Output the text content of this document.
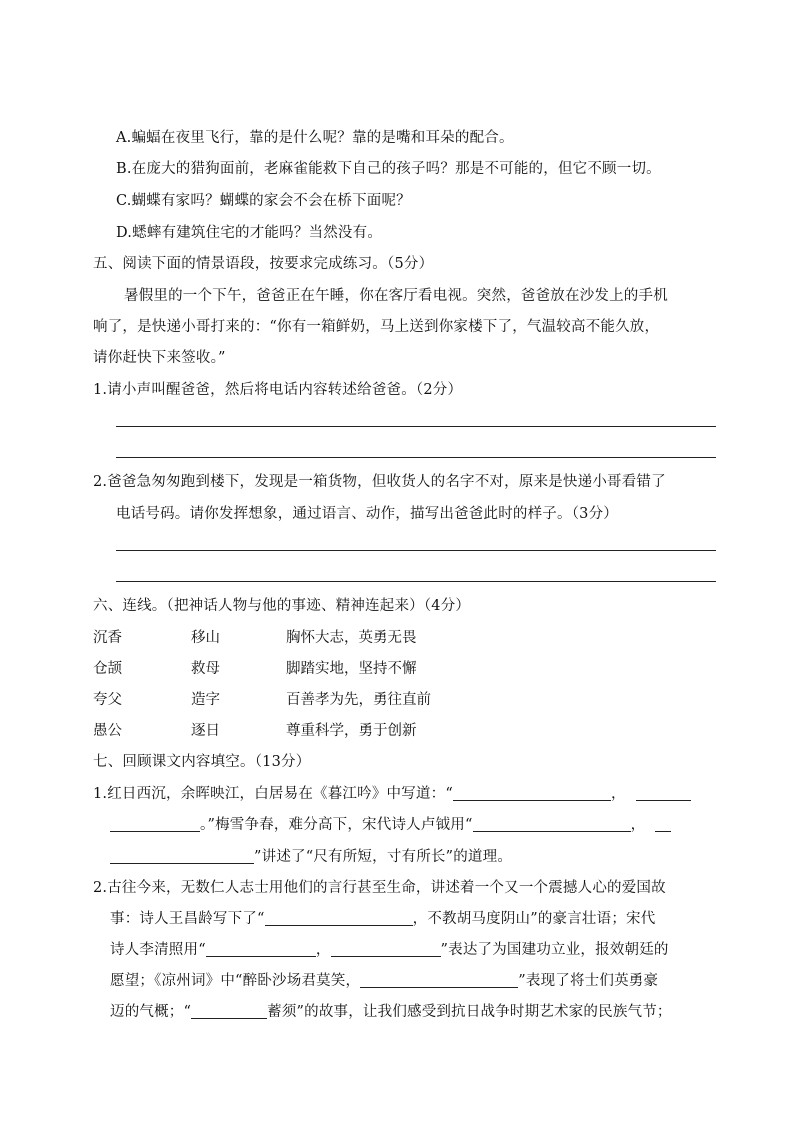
A.蝙蝠在夜里飞行，靠的是什么呢？靠的是嘴和耳朵的配合。
B.在庞大的猎狗面前，老麻雀能救下自己的孩子吗？那是不可能的，但它不顾一切。
C.蝴蝶有家吗？蝴蝶的家会不会在桥下面呢？
D.蟋蟀有建筑住宅的才能吗？当然没有。
五、阅读下面的情景语段，按要求完成练习。（5分）
暑假里的一个下午，爸爸正在午睡，你在客厅看电视。突然，爸爸放在沙发上的手机
响了，是快递小哥打来的：“你有一箱鲜奶，马上送到你家楼下了，气温较高不能久放，
请你赶快下来签收。”
1.请小声叫醒爸爸，然后将电话内容转述给爸爸。（2分）
2.爸爸急匆匆跑到楼下，发现是一箱货物，但收货人的名字不对，原来是快递小哥看错了
电话号码。请你发挥想象，通过语言、动作，描写出爸爸此时的样子。（3分）
六、连线。（把神话人物与他的事迹、精神连起来）（4分）
沉香	移山	胸怀大志，英勇无畏
仓颉	救母	脚踏实地，坚持不懈
夸父	造字	百善孝为先，勇往直前
愚公	逐日	尊重科学，勇于创新
七、回顾课文内容填空。（13分）
1.红日西沉，余晖映江，白居易在《暮江吟》中写道：“	，
。”梅雪争春，难分高下，宋代诗人卢钺用“	，
”讲述了“尺有所短，寸有所长”的道理。
2.古往今来，无数仁人志士用他们的言行甚至生命，讲述着一个又一个震撼人心的爱国故
事：诗人王昌龄写下了“	，不教胡马度阴山”的豪言壮语；宋代
诗人李清照用“	，	”表达了为国建功立业，报效朝廷的
愿望；《凉州词》中“醉卧沙场君莫笑，	”表现了将士们英勇豪
迈的气概；“	蓄须”的故事，让我们感受到抗日战争时期艺术家的民族气节；
